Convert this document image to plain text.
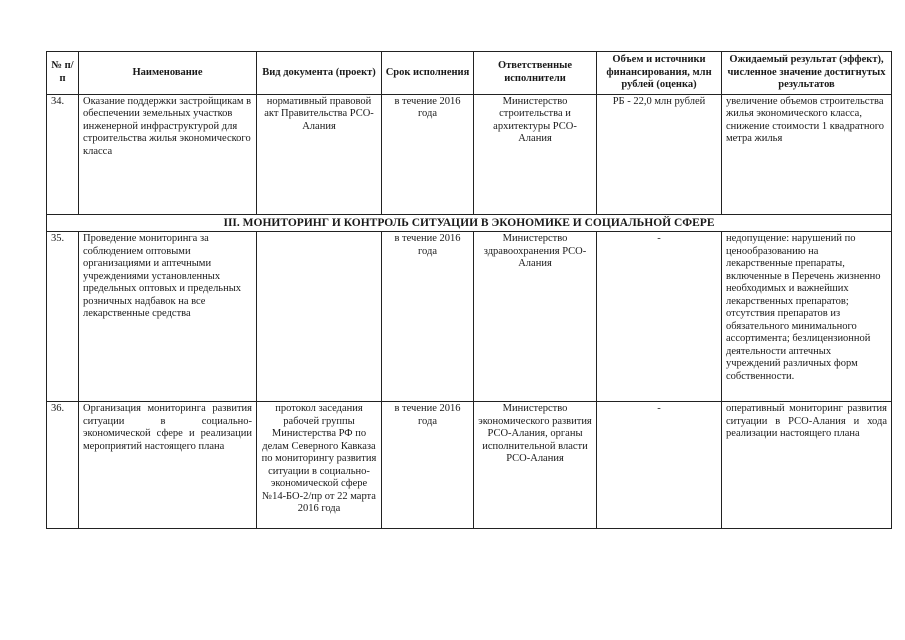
№ п/п	Наименование	Вид документа (проект)	Срок исполнения	Ответственные исполнители	Объем и источники финансирования, млн рублей (оценка)	Ожидаемый результат (эффект), численное значение достигнутых результатов
34.	Оказание поддержки застройщикам в обеспечении земельных участков инженерной инфраструктурой для строительства жилья экономического класса	нормативный правовой акт Правительства РСО-Алания	в течение 2016 года	Министерство строительства и архитектуры РСО-Алания	РБ - 22,0 млн рублей	увеличение объемов строительства жилья экономического класса, снижение стоимости 1 квадратного метра жилья
III. МОНИТОРИНГ И КОНТРОЛЬ СИТУАЦИИ В ЭКОНОМИКЕ И СОЦИАЛЬНОЙ СФЕРЕ						
35.	Проведение мониторинга за соблюдением оптовыми организациями и аптечными учреждениями установленных предельных оптовых и предельных розничных надбавок на все лекарственные средства		в течение 2016 года	Министерство здравоохранения РСО-Алания	-	недопущение: нарушений по ценообразованию на лекарственные препараты, включенные в Перечень жизненно необходимых и важнейших лекарственных препаратов; отсутствия препаратов из обязательного минимального ассортимента; безлицензионной деятельности аптечных учреждений различных форм собственности.
36.	Организация мониторинга развития ситуации в социально-экономической сфере и реализации мероприятий настоящего плана	протокол заседания рабочей группы Министерства РФ по делам Северного Кавказа по мониторингу развития ситуации в социально-экономической сфере №14-БО-2/пр от 22 марта 2016 года	в течение 2016 года	Министерство экономического развития РСО-Алания, органы исполнительной власти РСО-Алания	-	оперативный мониторинг развития ситуации в РСО-Алания и хода реализации настоящего плана
